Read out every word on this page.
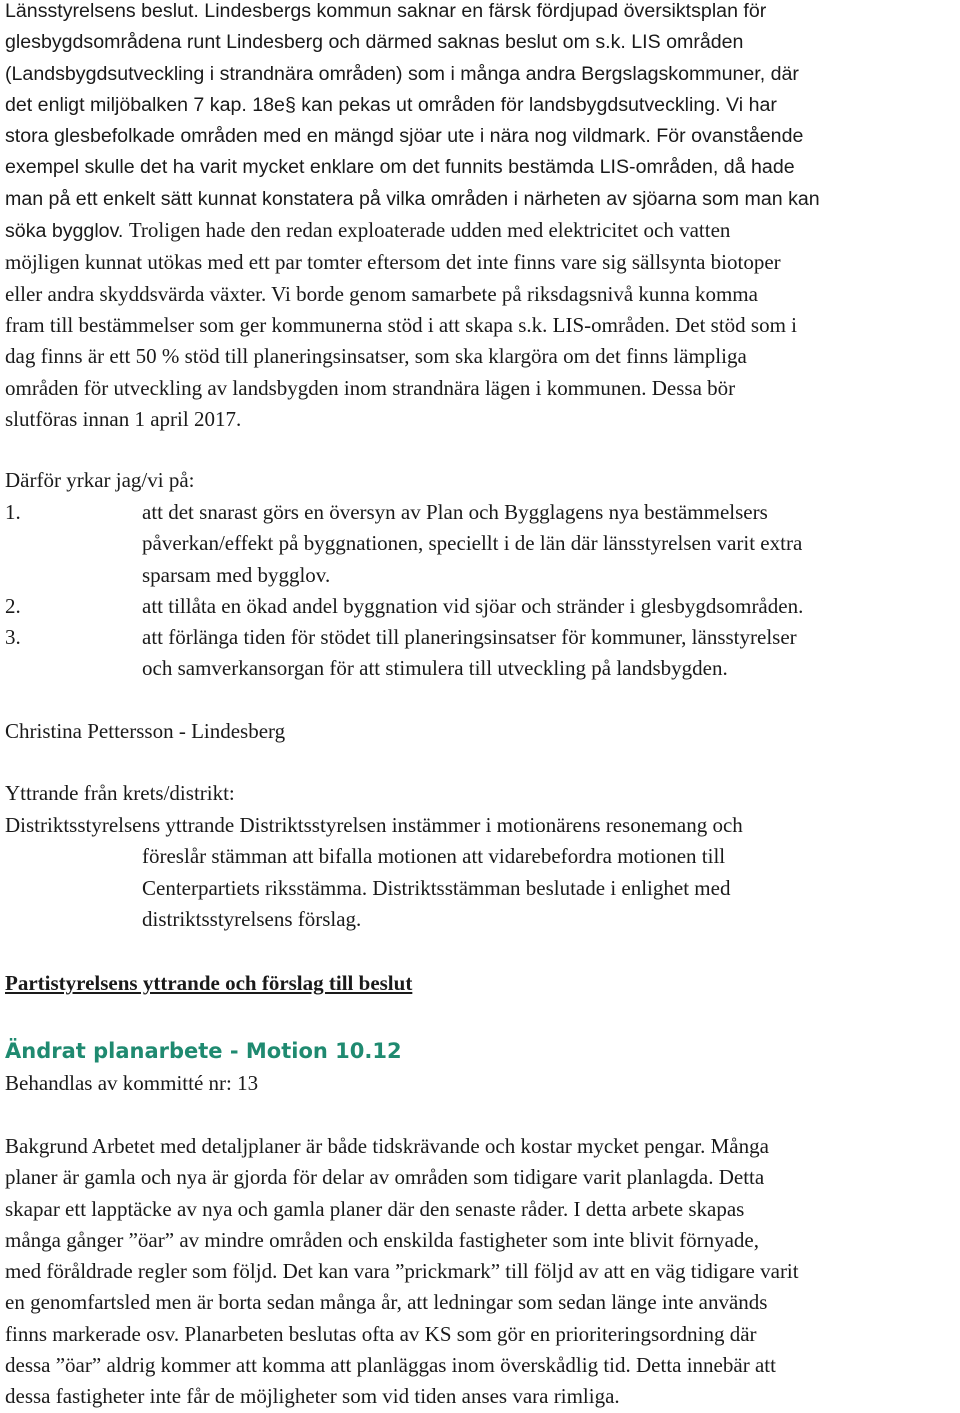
Länsstyrelsens beslut. Lindesbergs kommun saknar en färsk fördjupad översiktsplan för
glesbygdsområdena runt Lindesberg och därmed saknas beslut om s.k. LIS områden
(Landsbygdsutveckling i strandnära områden) som i många andra Bergslagskommuner, där
det enligt miljöbalken 7 kap. 18e§ kan pekas ut områden för landsbygdsutveckling. Vi har
stora glesbefolkade områden med en mängd sjöar ute i nära nog vildmark. För ovanstående
exempel skulle det ha varit mycket enklare om det funnits bestämda LIS-områden, då hade
man på ett enkelt sätt kunnat konstatera på vilka områden i närheten av sjöarna som man kan
söka bygglov. Troligen hade den redan exploaterade udden med elektricitet och vatten
möjligen kunnat utökas med ett par tomter eftersom det inte finns vare sig sällsynta biotoper
eller andra skyddsvärda växter. Vi borde genom samarbete på riksdagsnivå kunna komma
fram till bestämmelser som ger kommunerna stöd i att skapa s.k. LIS-områden. Det stöd som i
dag finns är ett 50 % stöd till planeringsinsatser, som ska klargöra om det finns lämpliga
områden för utveckling av landsbygden inom strandnära lägen i kommunen. Dessa bör
slutföras innan 1 april 2017.
Därför yrkar jag/vi på:
1.	att det snarast görs en översyn av Plan och Bygglagens nya bestämmelsers
påverkan/effekt på byggnationen, speciellt i de län där länsstyrelsen varit extra
sparsam med bygglov.
2.	att tillåta en ökad andel byggnation vid sjöar och stränder i glesbygdsområden.
3.	att förlänga tiden för stödet till planeringsinsatser för kommuner, länsstyrelser
och samverkansorgan för att stimulera till utveckling på landsbygden.
Christina Pettersson - Lindesberg
Yttrande från krets/distrikt:
Distriktsstyrelsens yttrande Distriktsstyrelsen instämmer i motionärens resonemang och
föreslår stämman att bifalla motionen att vidarebefordra motionen till
Centerpartiets riksstämma. Distriktsstämman beslutade i enlighet med
distriktsstyrelsens förslag.
Partistyrelsens yttrande och förslag till beslut
Ändrat planarbete - Motion 10.12
Behandlas av kommitté nr: 13
Bakgrund Arbetet med detaljplaner är både tidskrävande och kostar mycket pengar. Många
planer är gamla och nya är gjorda för delar av områden som tidigare varit planlagda. Detta
skapar ett lapptäcke av nya och gamla planer där den senaste råder. I detta arbete skapas
många gånger ”öar” av mindre områden och enskilda fastigheter som inte blivit förnyade,
med föråldrade regler som följd. Det kan vara ”prickmark” till följd av att en väg tidigare varit
en genomfartsled men är borta sedan många år, att ledningar som sedan länge inte används
finns markerade osv. Planarbeten beslutas ofta av KS som gör en prioriteringsordning där
dessa ”öar” aldrig kommer att komma att planläggas inom överskådlig tid. Detta innebär att
dessa fastigheter inte får de möjligheter som vid tiden anses vara rimliga.
